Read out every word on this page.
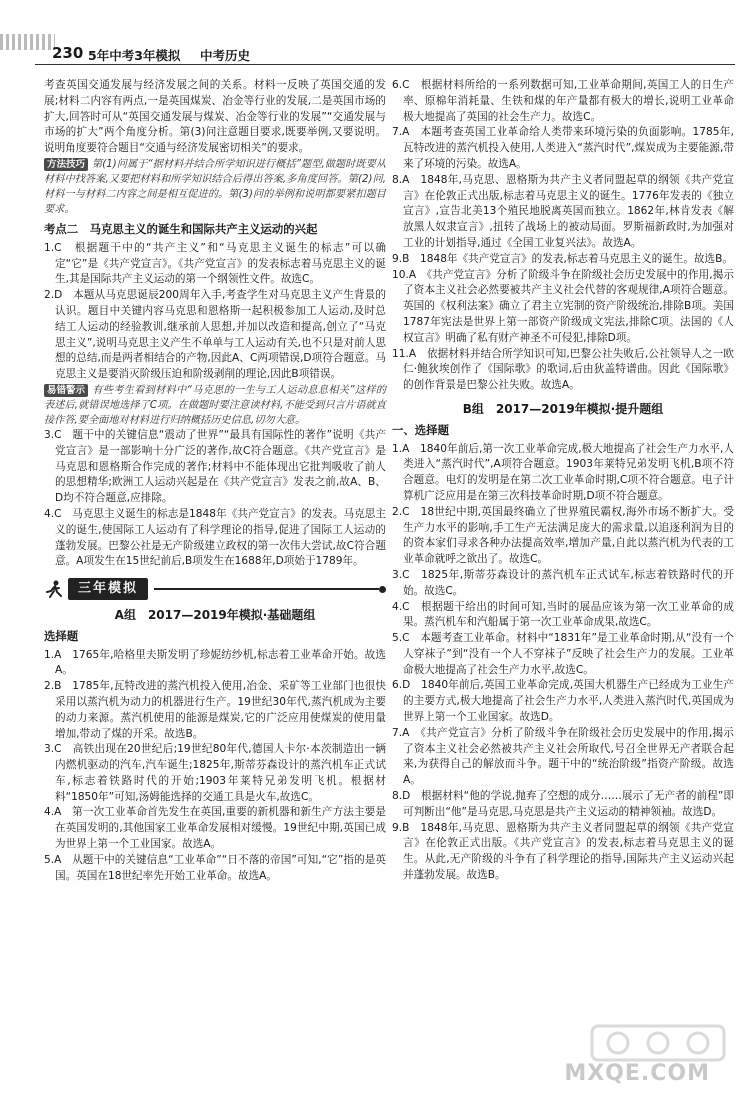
230 5年中考3年模拟 中考历史

考查英国交通发展与经济发展之间的关系。材料一反映了英国交通的发展;材料二内容有两点,一是英国煤炭、冶金等行业的发展,二是英国市场的扩大,回答时可从“英国交通发展与煤炭、冶金等行业的发展”“交通发展与市场的扩大”两个角度分析。第(3)问注意题目要求,既要举例,又要说明。说明角度要符合题目“交通与经济发展密切相关”的要求。

方法技巧 第(1)问属于“据材料并结合所学知识进行概括”题型,做题时既要从材料中找答案,又要把材料和所学知识结合后得出答案,多角度回答。第(2)问,材料一与材料二内容之间是相互促进的。第(3)问的举例和说明都要紧扣题目要求。

考点二　马克思主义的诞生和国际共产主义运动的兴起

1.C　根据题干中的“共产主义”和“马克思主义诞生的标志”可以确定“它”是《共产党宣言》。《共产党宣言》的发表标志着马克思主义的诞生,其是国际共产主义运动的第一个纲领性文件。故选C。

2.D　本题从马克思诞辰200周年入手,考查学生对马克思主义产生背景的认识。题目中关键内容马克思和恩格斯一起积极参加工人运动,及时总结工人运动的经验教训,继承前人思想,并加以改造和提高,创立了“马克思主义”,说明马克思主义产生不单单与工人运动有关,也不只是对前人思想的总结,而是两者相结合的产物,因此A、C两项错误,D项符合题意。马克思主义是要消灭阶级压迫和阶级剥削的理论,因此B项错误。

易错警示 有些考生看到材料中“马克思的一生与工人运动息息相关”这样的表述后,就错误地选择了C项。在做题时要注意读材料,不能受到只言片语就直接作答,要全面地对材料进行归纳概括历史信息,切勿大意。

3.C　题干中的关键信息“震动了世界”“最具有国际性的著作”说明《共产党宣言》是一部影响十分广泛的著作,故C符合题意。《共产党宣言》是马克思和恩格斯合作完成的著作;材料中不能体现出它批判吸收了前人的思想精华;欧洲工人运动兴起是在《共产党宣言》发表之前,故A、B、D均不符合题意,应排除。

4.C　马克思主义诞生的标志是1848年《共产党宣言》的发表。马克思主义的诞生,使国际工人运动有了科学理论的指导,促进了国际工人运动的蓬勃发展。巴黎公社是无产阶级建立政权的第一次伟大尝试,故C符合题意。A项发生在15世纪前后,B项发生在1688年,D项始于1789年。

三年模拟
A组　2017—2019年模拟·基础题组
选择题

1.A　1765年,哈格里夫斯发明了珍妮纺纱机,标志着工业革命开始。故选A。

2.B　1785年,瓦特改进的蒸汽机投入使用,冶金、采矿等工业部门也很快采用以蒸汽机为动力的机器进行生产。19世纪30年代,蒸汽机成为主要的动力来源。蒸汽机使用的能源是煤炭,它的广泛应用使煤炭的使用量增加,带动了煤的开采。故选B。

3.C　高铁出现在20世纪后;19世纪80年代,德国人卡尔·本茨制造出一辆内燃机驱动的汽车,汽车诞生;1825年,斯蒂芬森设计的蒸汽机车正式试车,标志着铁路时代的开始;1903年莱特兄弟发明飞机。根据材料“1850年”可知,汤姆能选择的交通工具是火车,故选C。

4.A　第一次工业革命首先发生在英国,重要的新机器和新生产方法主要是在英国发明的,其他国家工业革命发展相对缓慢。19世纪中期,英国已成为世界上第一个工业国家。故选A。

5.A　从题干中的关键信息“工业革命”“日不落的帝国”可知,“它”指的是英国。英国在18世纪率先开始工业革命。故选A。

6.C　根据材料所给的一系列数据可知,工业革命期间,英国工人的日生产率、原棉年消耗量、生铁和煤的年产量都有极大的增长,说明工业革命极大地提高了英国的社会生产力。故选C。

7.A　本题考查英国工业革命给人类带来环境污染的负面影响。1785年,瓦特改进的蒸汽机投入使用,人类进入“蒸汽时代”,煤炭成为主要能源,带来了环境的污染。故选A。

8.A　1848年,马克思、恩格斯为共产主义者同盟起草的纲领《共产党宣言》在伦敦正式出版,标志着马克思主义的诞生。1776年发表的《独立宣言》,宣告北美13个殖民地脱离英国而独立。1862年,林肯发表《解放黑人奴隶宣言》,扭转了战场上的被动局面。罗斯福新政时,为加强对工业的计划指导,通过《全国工业复兴法》。故选A。

9.B　1848年《共产党宣言》的发表,标志着马克思主义的诞生。故选B。

10.A　《共产党宣言》分析了阶级斗争在阶级社会历史发展中的作用,揭示了资本主义社会必然要被共产主义社会代替的客观规律,A项符合题意。英国的《权利法案》确立了君主立宪制的资产阶级统治,排除B项。美国1787年宪法是世界上第一部资产阶级成文宪法,排除C项。法国的《人权宣言》明确了私有财产神圣不可侵犯,排除D项。

11.A　依据材料并结合所学知识可知,巴黎公社失败后,公社领导人之一欧仁·鲍狄埃创作了《国际歌》的歌词,后由狄盖特谱曲。因此《国际歌》的创作背景是巴黎公社失败。故选A。

B组　2017—2019年模拟·提升题组
一、选择题

1.A　1840年前后,第一次工业革命完成,极大地提高了社会生产力水平,人类进入“蒸汽时代”,A项符合题意。1903年莱特兄弟发明飞机,B项不符合题意。电灯的发明是在第二次工业革命时期,C项不符合题意。电子计算机广泛应用是在第三次科技革命时期,D项不符合题意。

2.C　18世纪中期,英国最终确立了世界殖民霸权,海外市场不断扩大。受生产力水平的影响,手工生产无法满足庞大的需求量,以追逐利润为目的的资本家们寻求各种办法提高效率,增加产量,自此以蒸汽机为代表的工业革命就呼之欲出了。故选C。

3.C　1825年,斯蒂芬森设计的蒸汽机车正式试车,标志着铁路时代的开始。故选C。

4.C　根据题干给出的时间可知,当时的展品应该为第一次工业革命的成果。蒸汽机车和汽船属于第一次工业革命成果,故选C。

5.C　本题考查工业革命。材料中“1831年”是工业革命时期,从“没有一个人穿袜子”到“没有一个人不穿袜子”反映了社会生产力的发展。工业革命极大地提高了社会生产力水平,故选C。

6.D　1840年前后,英国工业革命完成,英国大机器生产已经成为工业生产的主要方式,极大地提高了社会生产力水平,人类进入蒸汽时代,英国成为世界上第一个工业国家。故选D。

7.A　《共产党宣言》分析了阶级斗争在阶级社会历史发展中的作用,揭示了资本主义社会必然被共产主义社会所取代,号召全世界无产者联合起来,为获得自己的解放而斗争。题干中的“统治阶级”指资产阶级。故选A。

8.D　根据材料“他的学说,抛弃了空想的成分……展示了无产者的前程”即可判断出“他”是马克思,马克思是共产主义运动的精神领袖。故选D。

9.B　1848年,马克思、恩格斯为共产主义者同盟起草的纲领《共产党宣言》在伦敦正式出版。《共产党宣言》的发表,标志着马克思主义的诞生。从此,无产阶级的斗争有了科学理论的指导,国际共产主义运动兴起并蓬勃发展。故选B。

MXQE.COM
